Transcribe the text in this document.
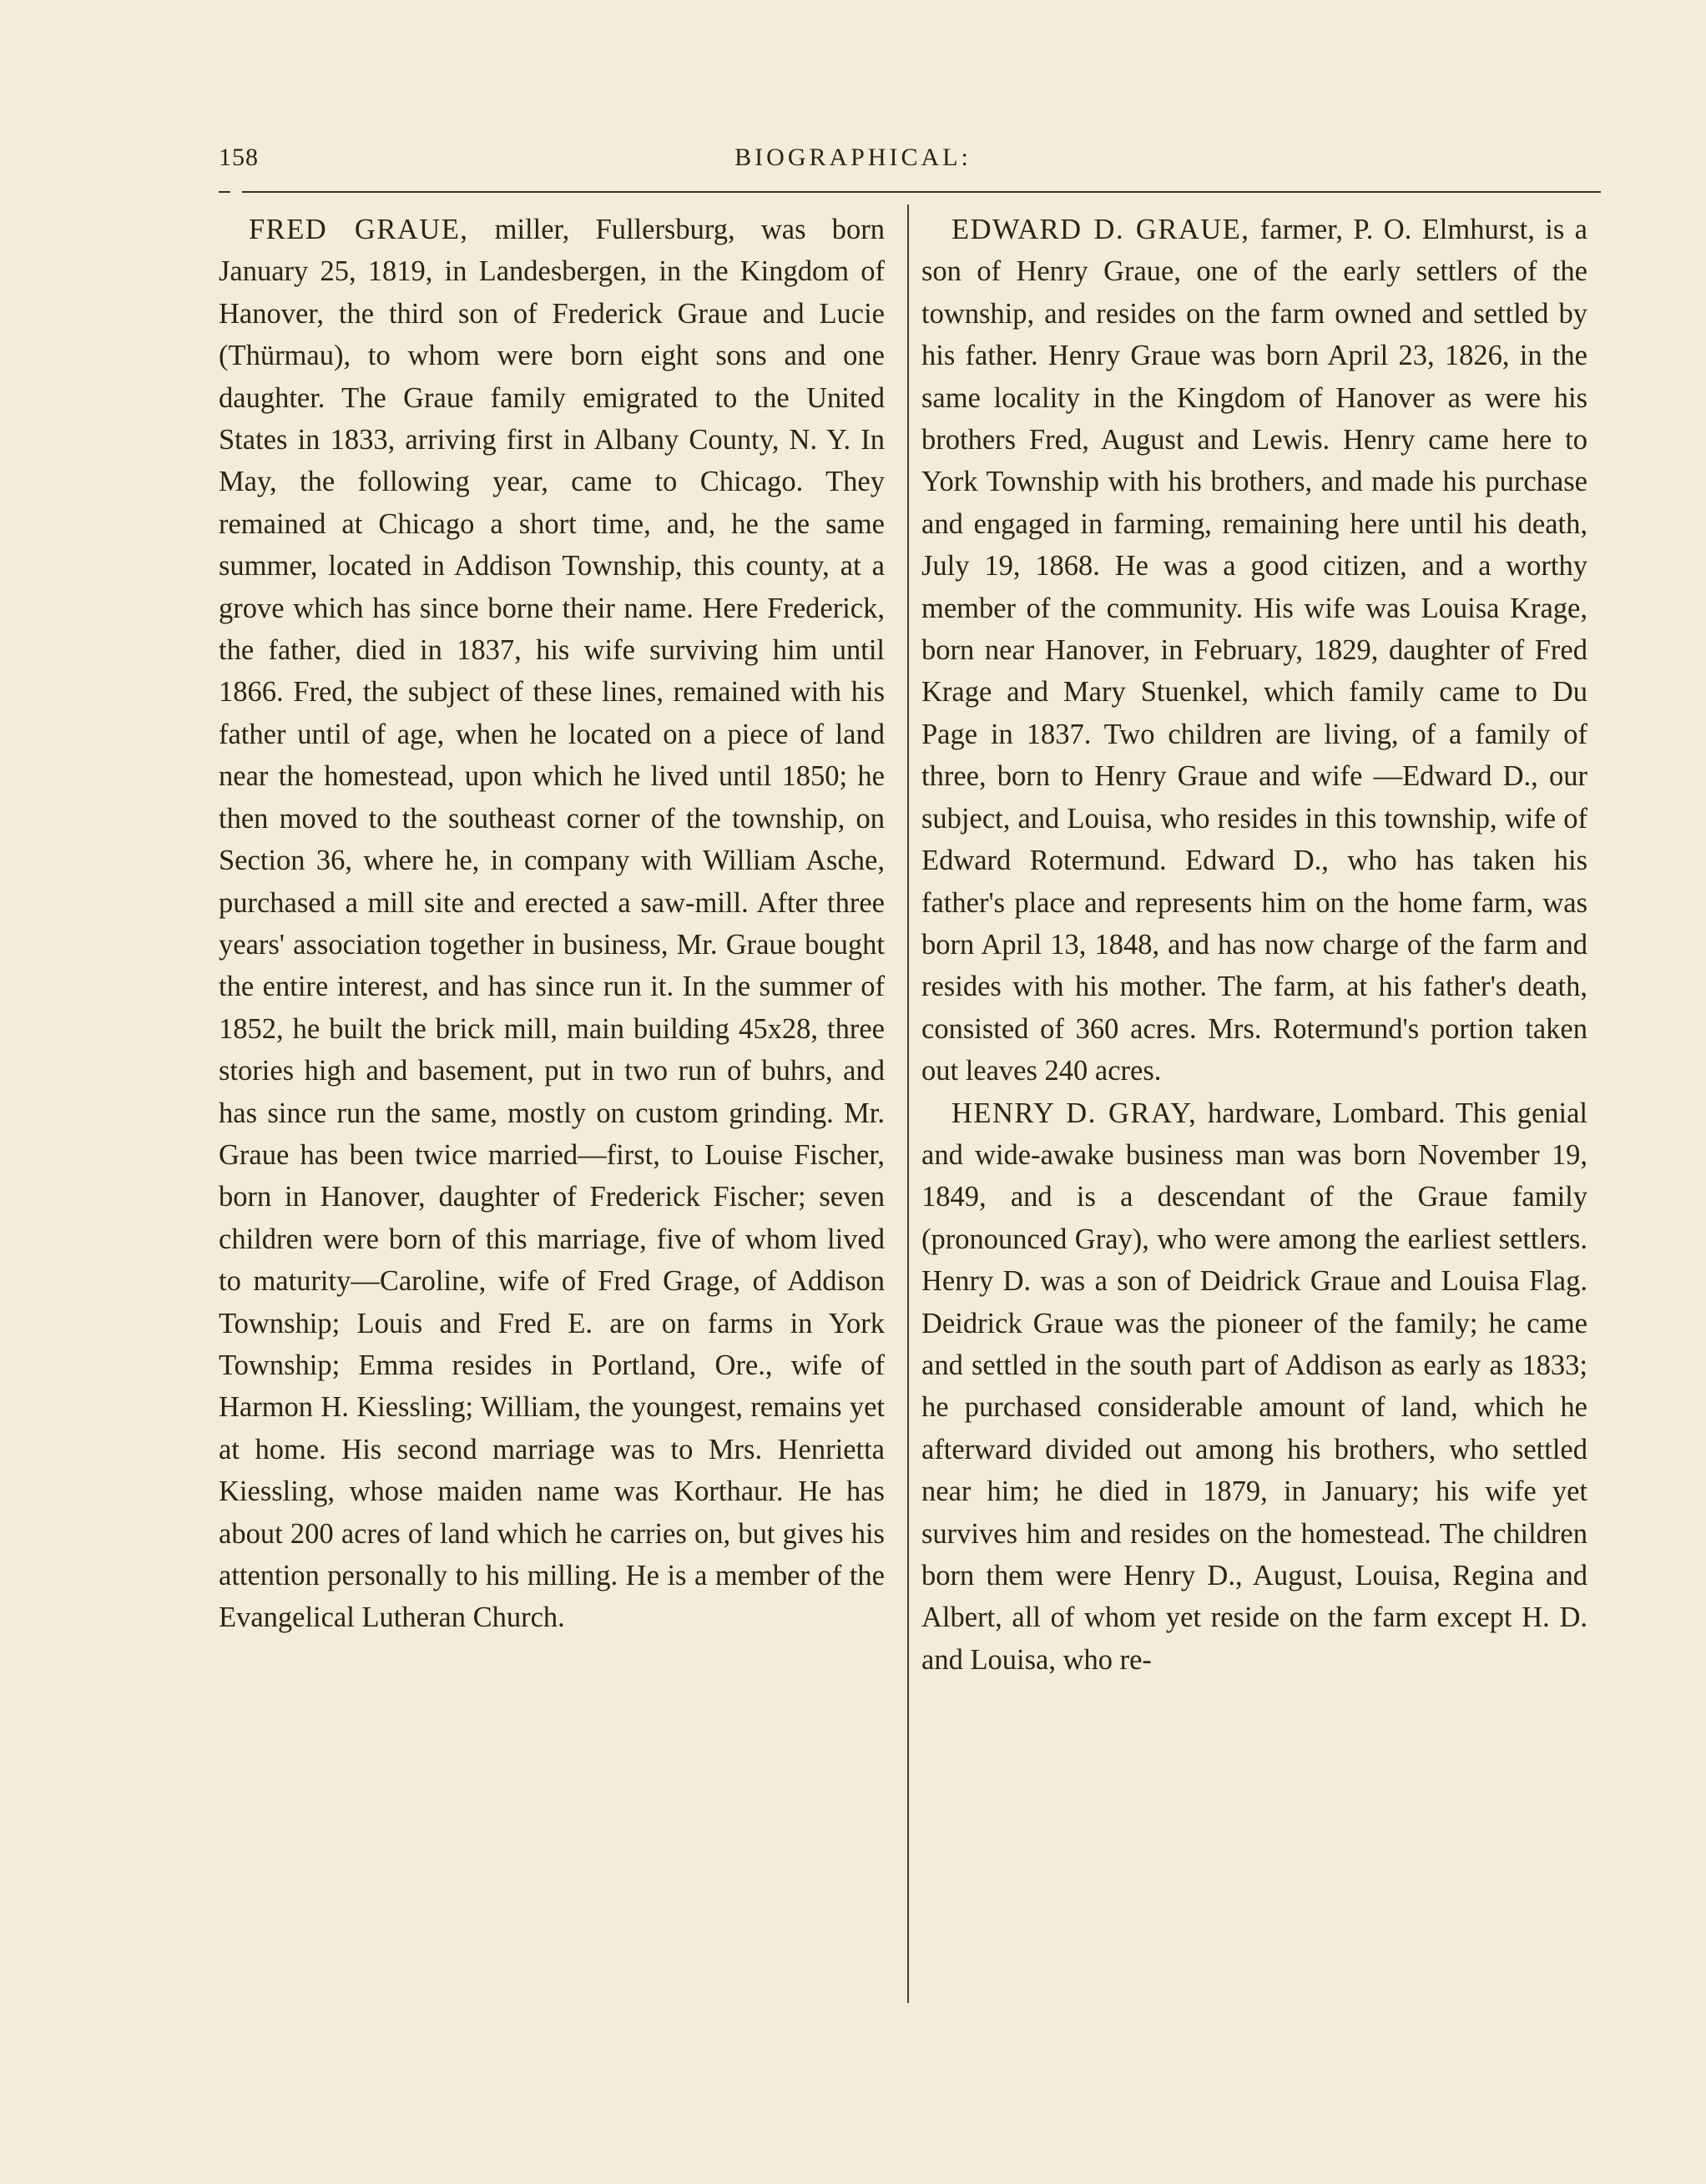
158	BIOGRAPHICAL:

FRED GRAUE, miller, Fullersburg, was born January 25, 1819, in Landesbergen, in the Kingdom of Hanover, the third son of Frederick Graue and Lucie (Thürmau), to whom were born eight sons and one daughter. The Graue family emigrated to the United States in 1833, arriving first in Albany County, N. Y. In May, the following year, came to Chicago. They remained at Chicago a short time, and, he the same summer, located in Addison Township, this county, at a grove which has since borne their name. Here Frederick, the father, died in 1837, his wife surviving him until 1866. Fred, the subject of these lines, remained with his father until of age, when he located on a piece of land near the homestead, upon which he lived until 1850; he then moved to the southeast corner of the township, on Section 36, where he, in company with William Asche, purchased a mill site and erected a saw-mill. After three years' association together in business, Mr. Graue bought the entire interest, and has since run it. In the summer of 1852, he built the brick mill, main building 45x28, three stories high and basement, put in two run of buhrs, and has since run the same, mostly on custom grinding. Mr. Graue has been twice married—first, to Louise Fischer, born in Hanover, daughter of Frederick Fischer; seven children were born of this marriage, five of whom lived to maturity—Caroline, wife of Fred Grage, of Addison Township; Louis and Fred E. are on farms in York Township; Emma resides in Portland, Ore., wife of Harmon H. Kiessling; William, the youngest, remains yet at home. His second marriage was to Mrs. Henrietta Kiessling, whose maiden name was Korthaur. He has about 200 acres of land which he carries on, but gives his attention personally to his milling. He is a member of the Evangelical Lutheran Church.

EDWARD D. GRAUE, farmer, P. O. Elmhurst, is a son of Henry Graue, one of the early settlers of the township, and resides on the farm owned and settled by his father. Henry Graue was born April 23, 1826, in the same locality in the Kingdom of Hanover as were his brothers Fred, August and Lewis. Henry came here to York Township with his brothers, and made his purchase and engaged in farming, remaining here until his death, July 19, 1868. He was a good citizen, and a worthy member of the community. His wife was Louisa Krage, born near Hanover, in February, 1829, daughter of Fred Krage and Mary Stuenkel, which family came to Du Page in 1837. Two children are living, of a family of three, born to Henry Graue and wife —Edward D., our subject, and Louisa, who resides in this township, wife of Edward Rotermund. Edward D., who has taken his father's place and represents him on the home farm, was born April 13, 1848, and has now charge of the farm and resides with his mother. The farm, at his father's death, consisted of 360 acres. Mrs. Rotermund's portion taken out leaves 240 acres.

HENRY D. GRAY, hardware, Lombard. This genial and wide-awake business man was born November 19, 1849, and is a descendant of the Graue family (pronounced Gray), who were among the earliest settlers. Henry D. was a son of Deidrick Graue and Louisa Flag. Deidrick Graue was the pioneer of the family; he came and settled in the south part of Addison as early as 1833; he purchased considerable amount of land, which he afterward divided out among his brothers, who settled near him; he died in 1879, in January; his wife yet survives him and resides on the homestead. The children born them were Henry D., August, Louisa, Regina and Albert, all of whom yet reside on the farm except H. D. and Louisa, who re-
